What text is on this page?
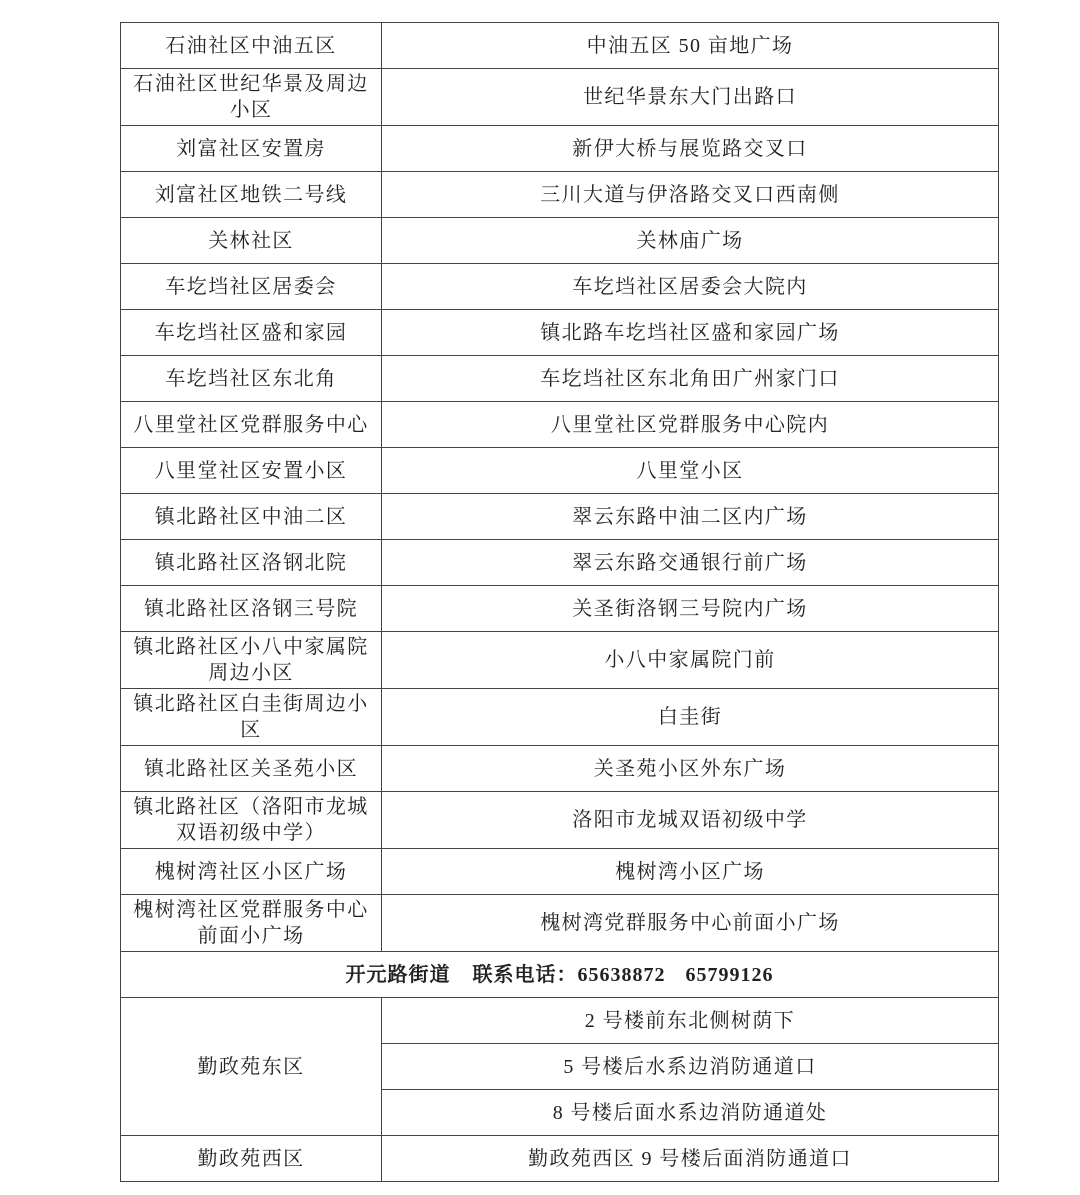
石油社区中油五区	中油五区 50 亩地广场
石油社区世纪华景及周边小区	世纪华景东大门出路口
刘富社区安置房	新伊大桥与展览路交叉口
刘富社区地铁二号线	三川大道与伊洛路交叉口西南侧
关林社区	关林庙广场
车圪垱社区居委会	车圪垱社区居委会大院内
车圪垱社区盛和家园	镇北路车圪垱社区盛和家园广场
车圪垱社区东北角	车圪垱社区东北角田广州家门口
八里堂社区党群服务中心	八里堂社区党群服务中心院内
八里堂社区安置小区	八里堂小区
镇北路社区中油二区	翠云东路中油二区内广场
镇北路社区洛钢北院	翠云东路交通银行前广场
镇北路社区洛钢三号院	关圣街洛钢三号院内广场
镇北路社区小八中家属院周边小区	小八中家属院门前
镇北路社区白圭街周边小区	白圭街
镇北路社区关圣苑小区	关圣苑小区外东广场
镇北路社区（洛阳市龙城双语初级中学）	洛阳市龙城双语初级中学
槐树湾社区小区广场	槐树湾小区广场
槐树湾社区党群服务中心前面小广场	槐树湾党群服务中心前面小广场
开元路街道 联系电话：65638872 65799126	
勤政苑东区	2 号楼前东北侧树荫下
	5 号楼后水系边消防通道口
	8 号楼后面水系边消防通道处
勤政苑西区	勤政苑西区 9 号楼后面消防通道口
